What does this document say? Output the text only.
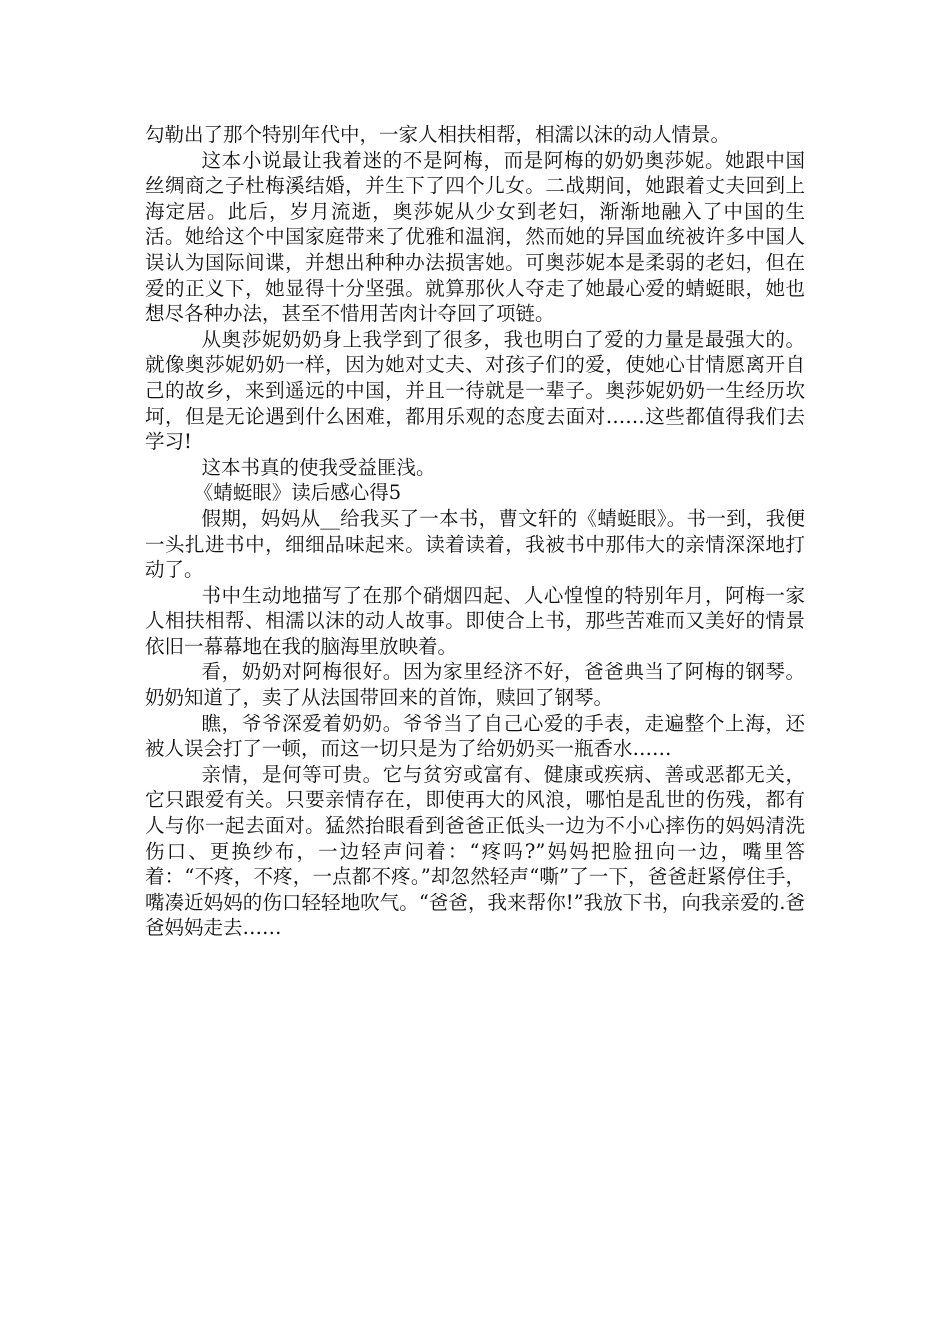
勾勒出了那个特别年代中，一家人相扶相帮，相濡以沫的动人情景。

这本小说最让我着迷的不是阿梅，而是阿梅的奶奶奥莎妮。她跟中国丝绸商之子杜梅溪结婚，并生下了四个儿女。二战期间，她跟着丈夫回到上海定居。此后，岁月流逝，奥莎妮从少女到老妇，渐渐地融入了中国的生活。她给这个中国家庭带来了优雅和温润，然而她的异国血统被许多中国人误认为国际间谍，并想出种种办法损害她。可奥莎妮本是柔弱的老妇，但在爱的正义下，她显得十分坚强。就算那伙人夺走了她最心爱的蜻蜓眼，她也想尽各种办法，甚至不惜用苦肉计夺回了项链。

从奥莎妮奶奶身上我学到了很多，我也明白了爱的力量是最强大的。就像奥莎妮奶奶一样，因为她对丈夫、对孩子们的爱，使她心甘情愿离开自己的故乡，来到遥远的中国，并且一待就是一辈子。奥莎妮奶奶一生经历坎坷，但是无论遇到什么困难，都用乐观的态度去面对……这些都值得我们去学习!

这本书真的使我受益匪浅。

《蜻蜓眼》读后感心得5

假期，妈妈从__给我买了一本书，曹文轩的《蜻蜓眼》。书一到，我便一头扎进书中，细细品味起来。读着读着，我被书中那伟大的亲情深深地打动了。

书中生动地描写了在那个硝烟四起、人心惶惶的特别年月，阿梅一家人相扶相帮、相濡以沫的动人故事。即使合上书，那些苦难而又美好的情景依旧一幕幕地在我的脑海里放映着。

看，奶奶对阿梅很好。因为家里经济不好，爸爸典当了阿梅的钢琴。奶奶知道了，卖了从法国带回来的首饰，赎回了钢琴。

瞧，爷爷深爱着奶奶。爷爷当了自己心爱的手表，走遍整个上海，还被人误会打了一顿，而这一切只是为了给奶奶买一瓶香水……

亲情，是何等可贵。它与贫穷或富有、健康或疾病、善或恶都无关，它只跟爱有关。只要亲情存在，即使再大的风浪，哪怕是乱世的伤残，都有人与你一起去面对。猛然抬眼看到爸爸正低头一边为不小心摔伤的妈妈清洗伤口、更换纱布，一边轻声问着：“疼吗?”妈妈把脸扭向一边，嘴里答着：“不疼，不疼，一点都不疼。”却忽然轻声“嘶”了一下，爸爸赶紧停住手，嘴凑近妈妈的伤口轻轻地吹气。“爸爸，我来帮你!”我放下书，向我亲爱的.爸爸妈妈走去……
